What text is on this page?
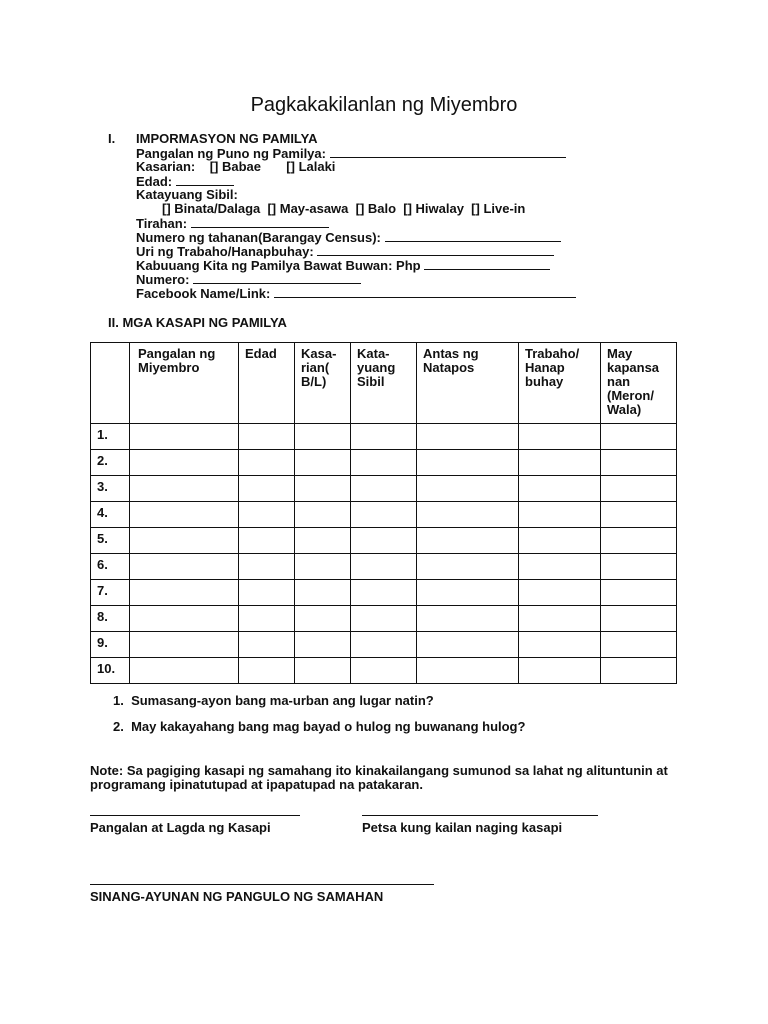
Pagkakakilanlan ng Miyembro
I. IMPORMASYON NG PAMILYA
Pangalan ng Puno ng Pamilya:
Kasarian: [] Babae [] Lalaki
Edad:
Katayuang Sibil:
[] Binata/Dalaga  [] May-asawa  [] Balo  [] Hiwalay  [] Live-in
Tirahan:
Numero ng tahanan(Barangay Census):
Uri ng Trabaho/Hanapbuhay:
Kabuuang Kita ng Pamilya Bawat Buwan: Php
Numero:
Facebook Name/Link:
II. MGA KASAPI NG PAMILYA
	Pangalan ng Miyembro	Edad	Kasa- rian( B/L)	Kata- yuang Sibil	Antas ng Natapos	Trabaho/ Hanap buhay	May kapansa nan (Meron/ Wala)
1.							
2.							
3.							
4.							
5.							
6.							
7.							
8.							
9.							
10.							
1.  Sumasang-ayon bang ma-urban ang lugar natin?
2.  May kakayahang bang mag bayad o hulog ng buwanang hulog?
Note: Sa pagiging kasapi ng samahang ito kinakailangang sumunod sa lahat ng alituntunin at programang ipinatutupad at ipapatupad na patakaran.
Pangalan at Lagda ng Kasapi	Petsa kung kailan naging kasapi
SINANG-AYUNAN NG PANGULO NG SAMAHAN
